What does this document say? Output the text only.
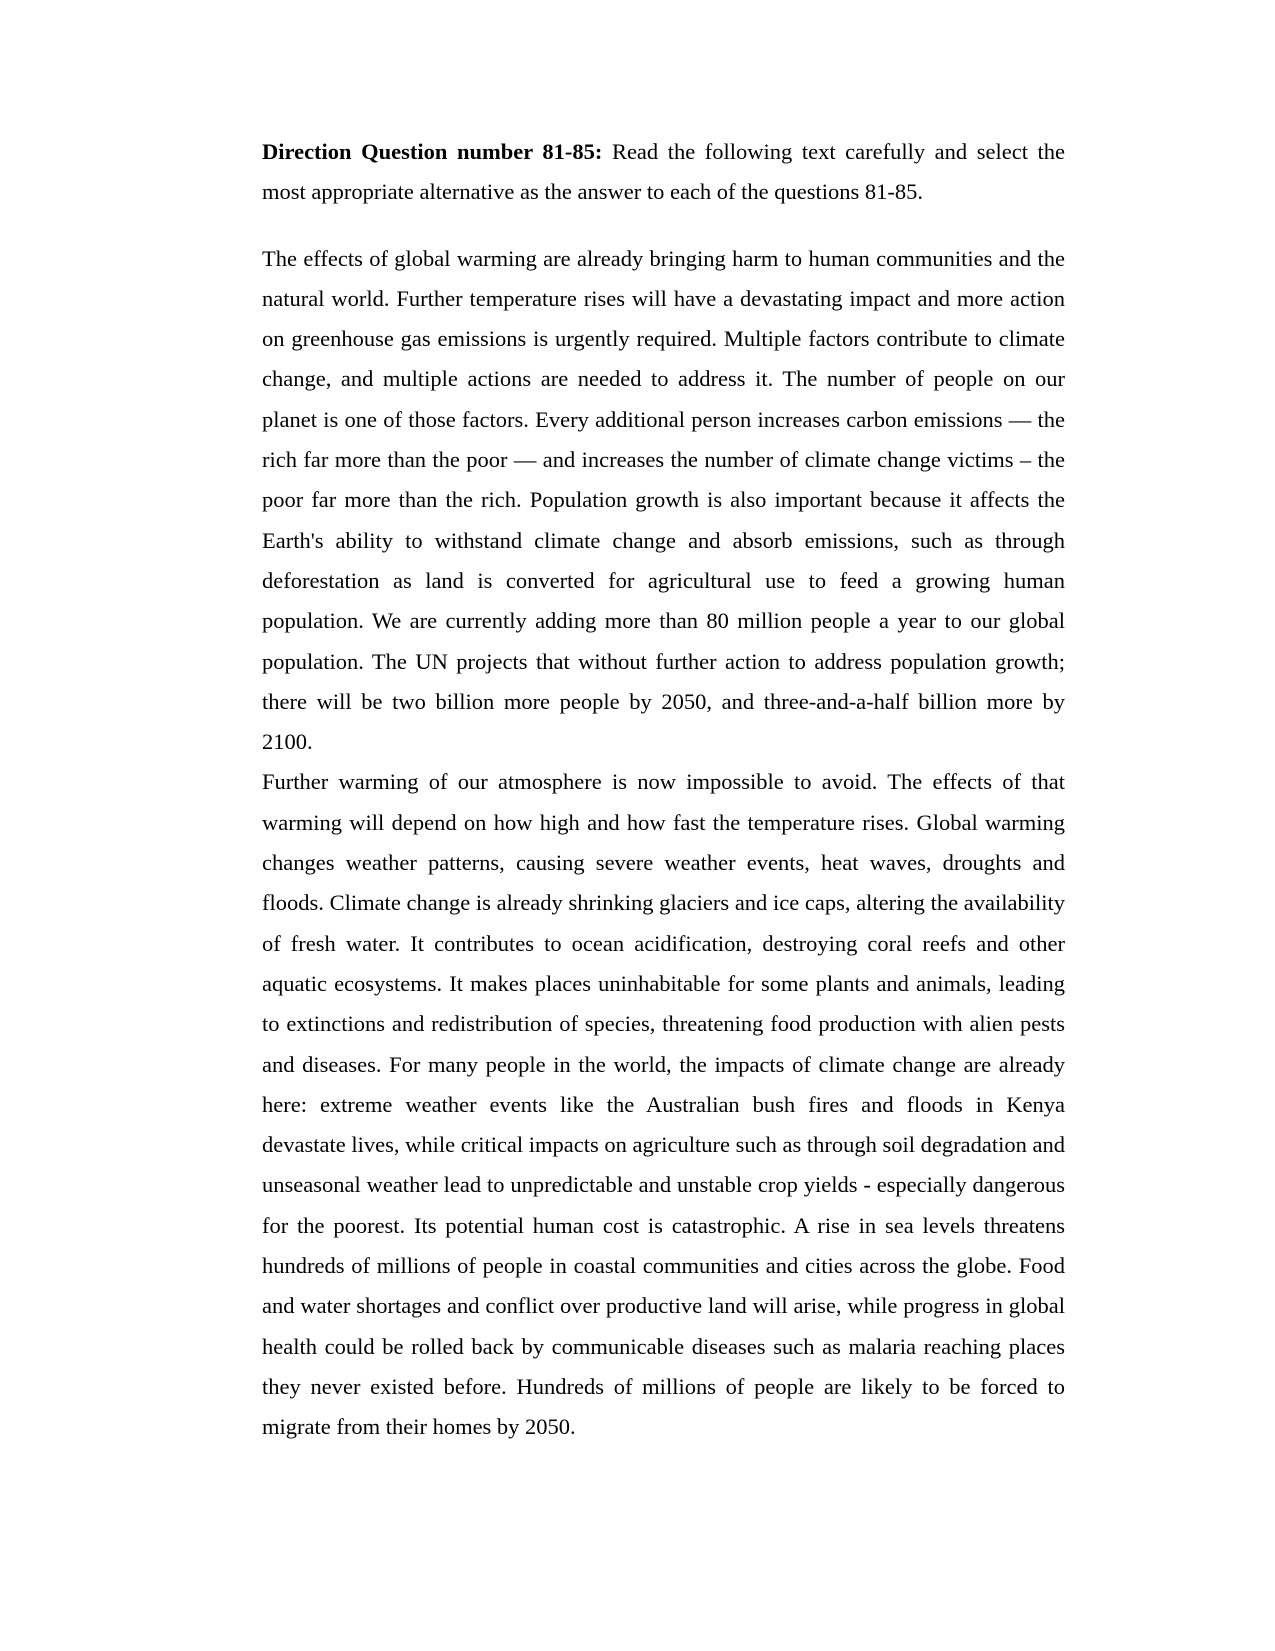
Direction Question number 81-85: Read the following text carefully and select the most appropriate alternative as the answer to each of the questions 81-85.

The effects of global warming are already bringing harm to human communities and the natural world. Further temperature rises will have a devastating impact and more action on greenhouse gas emissions is urgently required. Multiple factors contribute to climate change, and multiple actions are needed to address it. The number of people on our planet is one of those factors. Every additional person increases carbon emissions — the rich far more than the poor — and increases the number of climate change victims – the poor far more than the rich. Population growth is also important because it affects the Earth's ability to withstand climate change and absorb emissions, such as through deforestation as land is converted for agricultural use to feed a growing human population. We are currently adding more than 80 million people a year to our global population. The UN projects that without further action to address population growth; there will be two billion more people by 2050, and three-and-a-half billion more by 2100.

Further warming of our atmosphere is now impossible to avoid. The effects of that warming will depend on how high and how fast the temperature rises. Global warming changes weather patterns, causing severe weather events, heat waves, droughts and floods. Climate change is already shrinking glaciers and ice caps, altering the availability of fresh water. It contributes to ocean acidification, destroying coral reefs and other aquatic ecosystems. It makes places uninhabitable for some plants and animals, leading to extinctions and redistribution of species, threatening food production with alien pests and diseases. For many people in the world, the impacts of climate change are already here: extreme weather events like the Australian bush fires and floods in Kenya devastate lives, while critical impacts on agriculture such as through soil degradation and unseasonal weather lead to unpredictable and unstable crop yields - especially dangerous for the poorest. Its potential human cost is catastrophic. A rise in sea levels threatens hundreds of millions of people in coastal communities and cities across the globe. Food and water shortages and conflict over productive land will arise, while progress in global health could be rolled back by communicable diseases such as malaria reaching places they never existed before. Hundreds of millions of people are likely to be forced to migrate from their homes by 2050.
